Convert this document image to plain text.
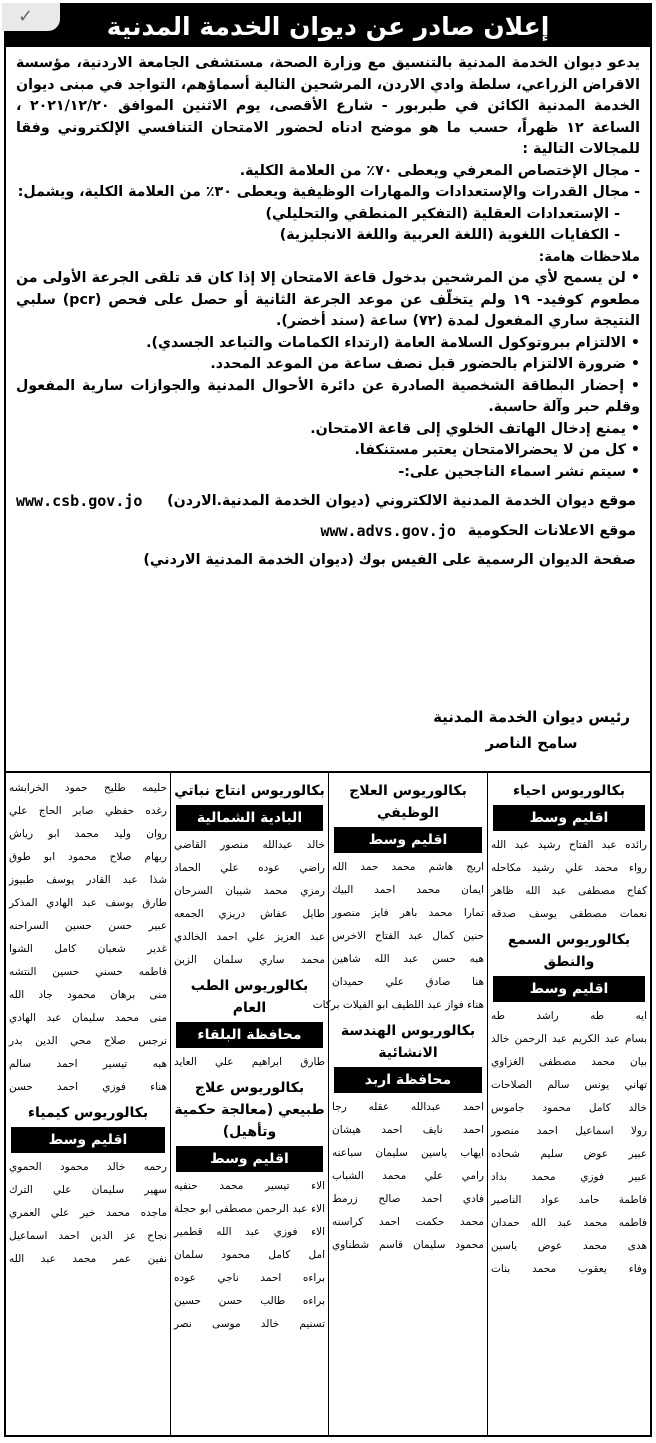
✓	إعلان صادر عن ديوان الخدمة المدنية

يدعو ديوان الخدمة المدنية بالتنسيق مع وزارة الصحة، مستشفى الجامعة الاردنية، مؤسسة الاقراض الزراعي، سلطة وادي الاردن، المرشحين التالية أسماؤهم، التواجد في مبنى ديوان الخدمة المدنية الكائن في طبربور - شارع الأقصى، يوم الاثنين الموافق ٢٠٢١/١٢/٢٠ ، الساعة ١٢ ظهراً، حسب ما هو موضح ادناه لحضور الامتحان التنافسي الإلكتروني وفقا للمجالات التالية :

- مجال الإختصاص المعرفي ويعطى ٧٠٪ من العلامة الكلية.

- مجال القدرات والإستعدادات والمهارات الوظيفية ويعطى ٣٠٪ من العلامة الكلية، ويشمل:

- الإستعدادات العقلية (التفكير المنطقي والتحليلي)

- الكفايات اللغوية (اللغة العربية واللغة الانجليزية)

ملاحظات هامة:

• لن يسمح لأي من المرشحين بدخول قاعة الامتحان إلا إذا كان قد تلقى الجرعة الأولى من مطعوم كوفيد- ١٩ ولم يتخلّف عن موعد الجرعة الثانية أو حصل على فحص (pcr) سلبي النتيجة ساري المفعول لمدة (٧٢) ساعة (سند أخضر).

• الالتزام ببروتوكول السلامة العامة (ارتداء الكمامات والتباعد الجسدي).

• ضرورة الالتزام بالحضور قبل نصف ساعة من الموعد المحدد.

• إحضار البطاقة الشخصية الصادرة عن دائرة الأحوال المدنية والجوازات سارية المفعول وقلم حبر وآلة حاسبة.

• يمنع إدخال الهاتف الخلوي إلى قاعة الامتحان.

• كل من لا يحضرالامتحان يعتبر مستنكفا.

• سيتم نشر اسماء الناجحين على:-

موقع ديوان الخدمة المدنية الالكتروني (ديوان الخدمة المدنية.الاردن)
www.csb.gov.jo
موقع الاعلانات الحكومية
www.advs.gov.jo
صفحة الديوان الرسمية على الفيس بوك (ديوان الخدمة المدنية الاردني)
رئيس ديوان الخدمة المدنية
سامح الناصر
بكالوريوس احياء
اقليم وسط
رائده عبد الفتاح رشيد عبد الله
رواء محمد علي رشيد مكاحله
كفاح مصطفى عبد الله ظاهر
نعمات مصطفى يوسف صدقه
بكالوريوس السمع والنطق
اقليم وسط
ايه طه راشد طه
بسام عبد الكريم عبد الرحمن خالد
بيان محمد مصطفى الغزاوي
تهاني يونس سالم الصلاحات
خالد كامل محمود جاموس
رولا اسماعيل احمد منصور
عبير عوض سليم شحاده
عبير فوزي محمد بداد
فاطمة حامد عواد الناصير
فاطمه محمد عبد الله حمدان
هدى محمد عوض ياسين
وفاء يعقوب محمد بنات
بكالوريوس العلاج الوظيفي
اقليم وسط
اريج هاشم محمد حمد الله
ايمان محمد احمد البيك
تمارا محمد باهر فايز منصور
حنين كمال عبد الفتاح الاخرس
هبه حسن عبد الله شاهين
هنا صادق علي حميدان
هناء فواز عبد اللطيف ابو الفيلات بركات
بكالوريوس الهندسة الانشائية
محافظة اربد
احمد عبدالله عقله رجا
احمد نايف احمد هيشان
ايهاب ياسين سليمان سباعنه
رامي علي محمد الشباب
فادي احمد صالح زرمط
محمد حكمت احمد كراسنه
محمود سليمان قاسم شطناوي
بكالوريوس انتاج نباتي
البادية الشمالية
خالد عبدالله منصور القاضي
راضي عوده علي الحماد
رمزي محمد شيبان السرحان
طايل عفاش دريزي الجمعه
عبد العزيز علي احمد الخالدي
محمد ساري سلمان الزبن
بكالوريوس الطب العام
محافظة البلقاء
طارق ابراهيم علي العايد
بكالوريوس علاج طبيعي (معالجة حكمية وتأهيل)
اقليم وسط
الاء تيسير محمد حنفيه
الاء عبد الرحمن مصطفى ابو حجلة
الاء فوزي عبد الله قطمير
امل كامل محمود سلمان
براءه احمد ناجي عوده
براءه طالب حسن حسين
تسنيم خالد موسى نصر
حليمه طليح حمود الخرابشه
رغده حفظي صابر الحاج علي
روان وليد محمد ابو رياش
ريهام صلاح محمود ابو طوق
شذا عبد القادر يوسف طبيوز
طارق يوسف عبد الهادي المذكر
عبير حسن حسين السراحنه
غدير شعبان كامل الشوا
فاطمه حسني حسين النتشه
منى برهان محمود جاد الله
منى محمد سليمان عبد الهادي
نرجس صلاح محي الدين بدر
هبه تيسير احمد سالم
هناء فوزي احمد حسن
بكالوريوس كيمياء
اقليم وسط
رحمه خالد محمود الحموي
سهير سليمان علي الترك
ماجده محمد خير علي العمري
نجاح عز الدين احمد اسماعيل
نفين عمر محمد عبد الله
